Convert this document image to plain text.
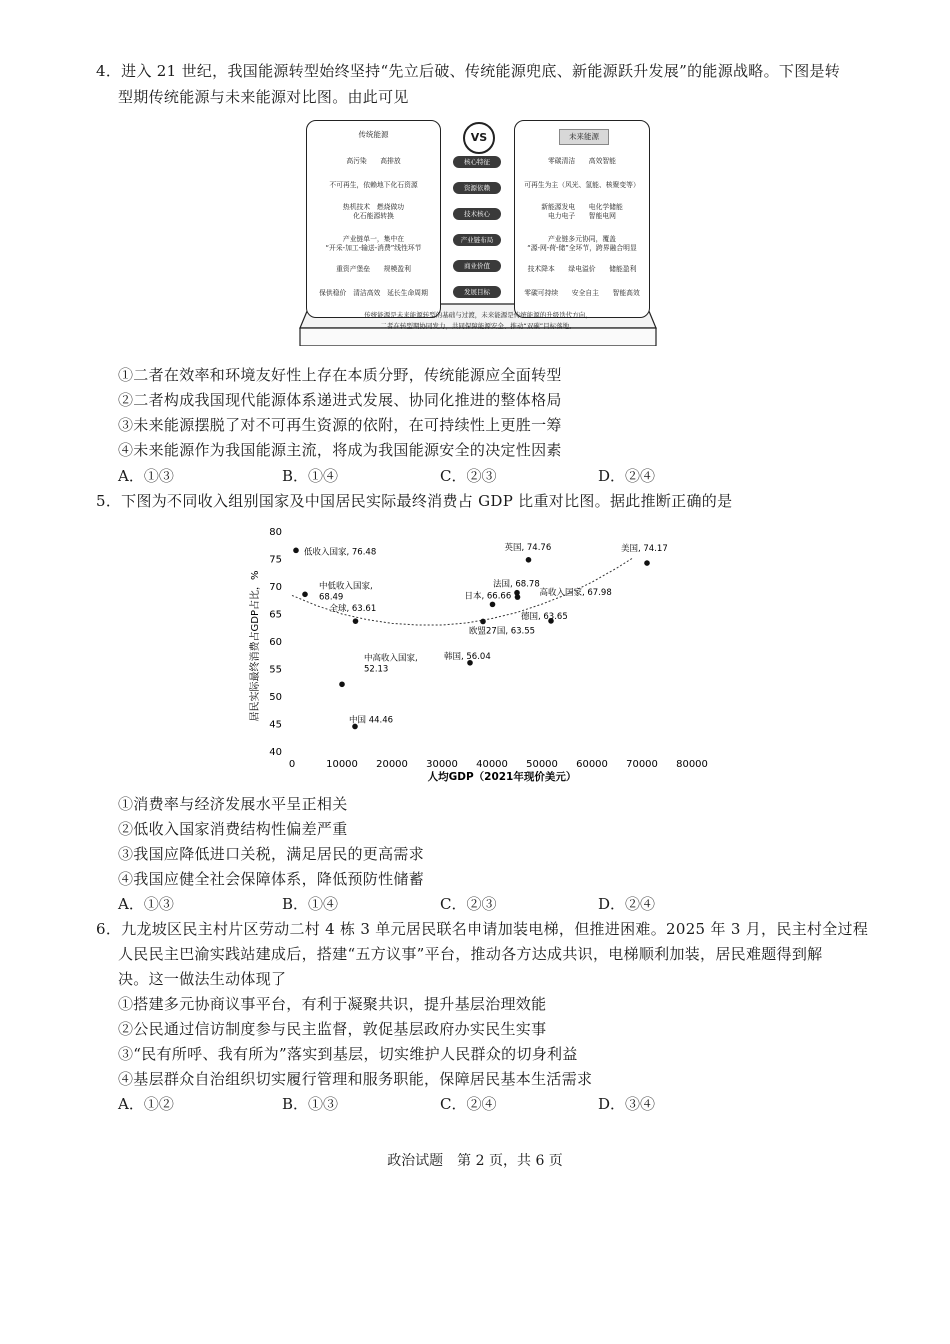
4．进入 21 世纪，我国能源转型始终坚持“先立后破、传统能源兜底、新能源跃升发展”的能源战略。下图是转
型期传统能源与未来能源对比图。由此可见
传统能源
高污染　　高排放
不可再生，依赖地下化石资源
热机技术　燃烧做功
化石能源转换
产业链单一，集中在
“开采-加工-输送-消费”线性环节
重资产堡垒　　规模盈利
保供稳价　清洁高效　延长生命周期
VS
核心特征
资源依赖
技术核心
产业链布局
商业价值
发展目标
未来能源
零碳清洁　　高效智能
可再生为主（风光、氢能、核聚变等）
新能源发电　　电化学储能
电力电子　　智能电网
产业链多元协同，覆盖
“源-网-荷-储”全环节，跨界融合明显
技术降本　　绿电溢价　　储能盈利
零碳可持续　　安全自主　　智能高效
传统能源是未来能源转型的基础与过渡，未来能源是传统能源的升级迭代方向，
二者在转型期协同发力，共同保障能源安全、推动“双碳”目标落地。
①二者在效率和环境友好性上存在本质分野，传统能源应全面转型
②二者构成我国现代能源体系递进式发展、协同化推进的整体格局
③未来能源摆脱了对不可再生资源的依附，在可持续性上更胜一筹
④未来能源作为我国能源主流，将成为我国能源安全的决定性因素
A．①③	B．①④	C．②③	D．②④
5．下图为不同收入组别国家及中国居民实际最终消费占 GDP 比重对比图。据此推断正确的是
0	10000 20000 30000 40000 50000 60000 70000 80000
40
45
50
55
60
65
70
75
80
低收入国家, 76.48
中低收入国家,
68.49
全球, 63.61
中高收入国家,
52.13
中国 44.46
韩国, 56.04
日本, 66.66
欧盟27国, 63.55
法国, 68.78
英国, 74.76
高收入国家, 67.98
德国, 63.65
美国, 74.17
人均GDP（2021年现价美元）
居民实际最终消费占GDP占比，%
①消费率与经济发展水平呈正相关
②低收入国家消费结构性偏差严重
③我国应降低进口关税，满足居民的更高需求
④我国应健全社会保障体系，降低预防性储蓄
A．①③	B．①④	C．②③	D．②④
6．九龙坡区民主村片区劳动二村 4 栋 3 单元居民联名申请加装电梯，但推进困难。2025 年 3 月，民主村全过程
人民民主巴渝实践站建成后，搭建“五方议事”平台，推动各方达成共识，电梯顺利加装，居民难题得到解
决。这一做法生动体现了
①搭建多元协商议事平台，有利于凝聚共识，提升基层治理效能
②公民通过信访制度参与民主监督，敦促基层政府办实民生实事
③“民有所呼、我有所为”落实到基层，切实维护人民群众的切身利益
④基层群众自治组织切实履行管理和服务职能，保障居民基本生活需求
A．①②	B．①③	C．②④	D．③④
政治试题　第 2 页，共 6 页
